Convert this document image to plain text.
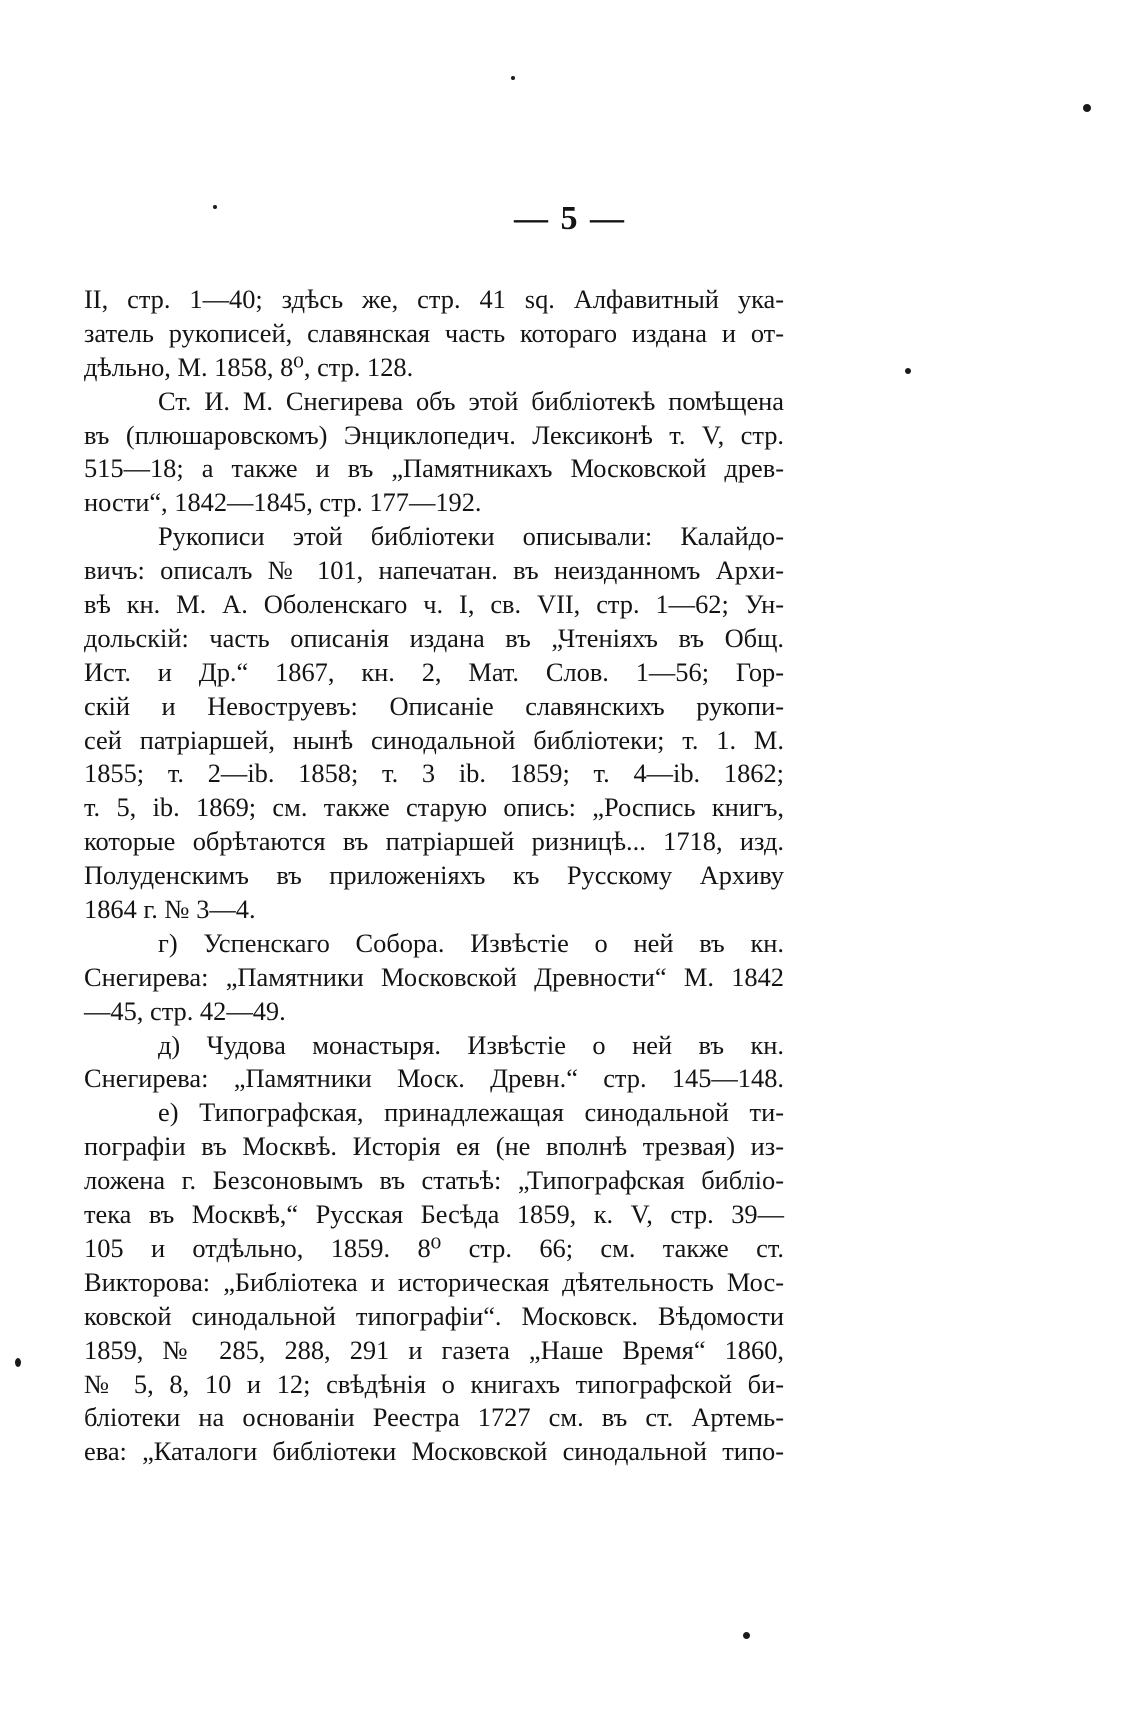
— 5 —
II, стр. 1—40; здѣсь же, стр. 41 sq. Алфавитный ука-
затель рукописей, славянская часть котораго издана и от-
дѣльно, М. 1858, 8⁰, стр. 128.
Ст. И. М. Снегирева объ этой библіотекѣ помѣщена
въ (плюшаровскомъ) Энциклопедич. Лексиконѣ т. V, стр.
515—18; а также и въ „Памятникахъ Московской древ-
ности“, 1842—1845, стр. 177—192.
Рукописи этой библіотеки описывали: Калайдо-
вичъ: описалъ № 101, напечатан. въ неизданномъ Архи-
вѣ кн. М. А. Оболенскаго ч. I, св. VII, стр. 1—62; Ун-
дольскій: часть описанія издана въ „Чтеніяхъ въ Общ.
Ист. и Др.“ 1867, кн. 2, Мат. Слов. 1—56; Гор-
скій и Невоструевъ: Описаніе славянскихъ рукопи-
сей патріаршей, нынѣ синодальной библіотеки; т. 1. М.
1855; т. 2—ib. 1858; т. 3 ib. 1859; т. 4—ib. 1862;
т. 5, ib. 1869; см. также старую опись: „Роспись книгъ,
которые обрѣтаются въ патріаршей ризницѣ... 1718, изд.
Полуденскимъ въ приложеніяхъ къ Русскому Архиву
1864 г. № 3—4.
г) Успенскаго Собора. Извѣстіе о ней въ кн.
Снегирева: „Памятники Московской Древности“ М. 1842
—45, стр. 42—49.
д) Чудова монастыря. Извѣстіе о ней въ кн.
Снегирева: „Памятники Моск. Древн.“ стр. 145—148.
е) Типографская, принадлежащая синодальной ти-
пографіи въ Москвѣ. Исторія ея (не вполнѣ трезвая) из-
ложена г. Безсоновымъ въ статьѣ: „Типографская библіо-
тека въ Москвѣ,“ Русская Бесѣда 1859, к. V, стр. 39—
105 и отдѣльно, 1859. 8⁰ стр. 66; см. также ст.
Викторова: „Библіотека и историческая дѣятельность Мос-
ковской синодальной типографіи“. Московск. Вѣдомости
1859, № 285, 288, 291 и газета „Наше Время“ 1860,
№ 5, 8, 10 и 12; свѣдѣнія о книгахъ типографской би-
бліотеки на основаніи Реестра 1727 см. въ ст. Артемь-
ева: „Каталоги библіотеки Московской синодальной типо-
